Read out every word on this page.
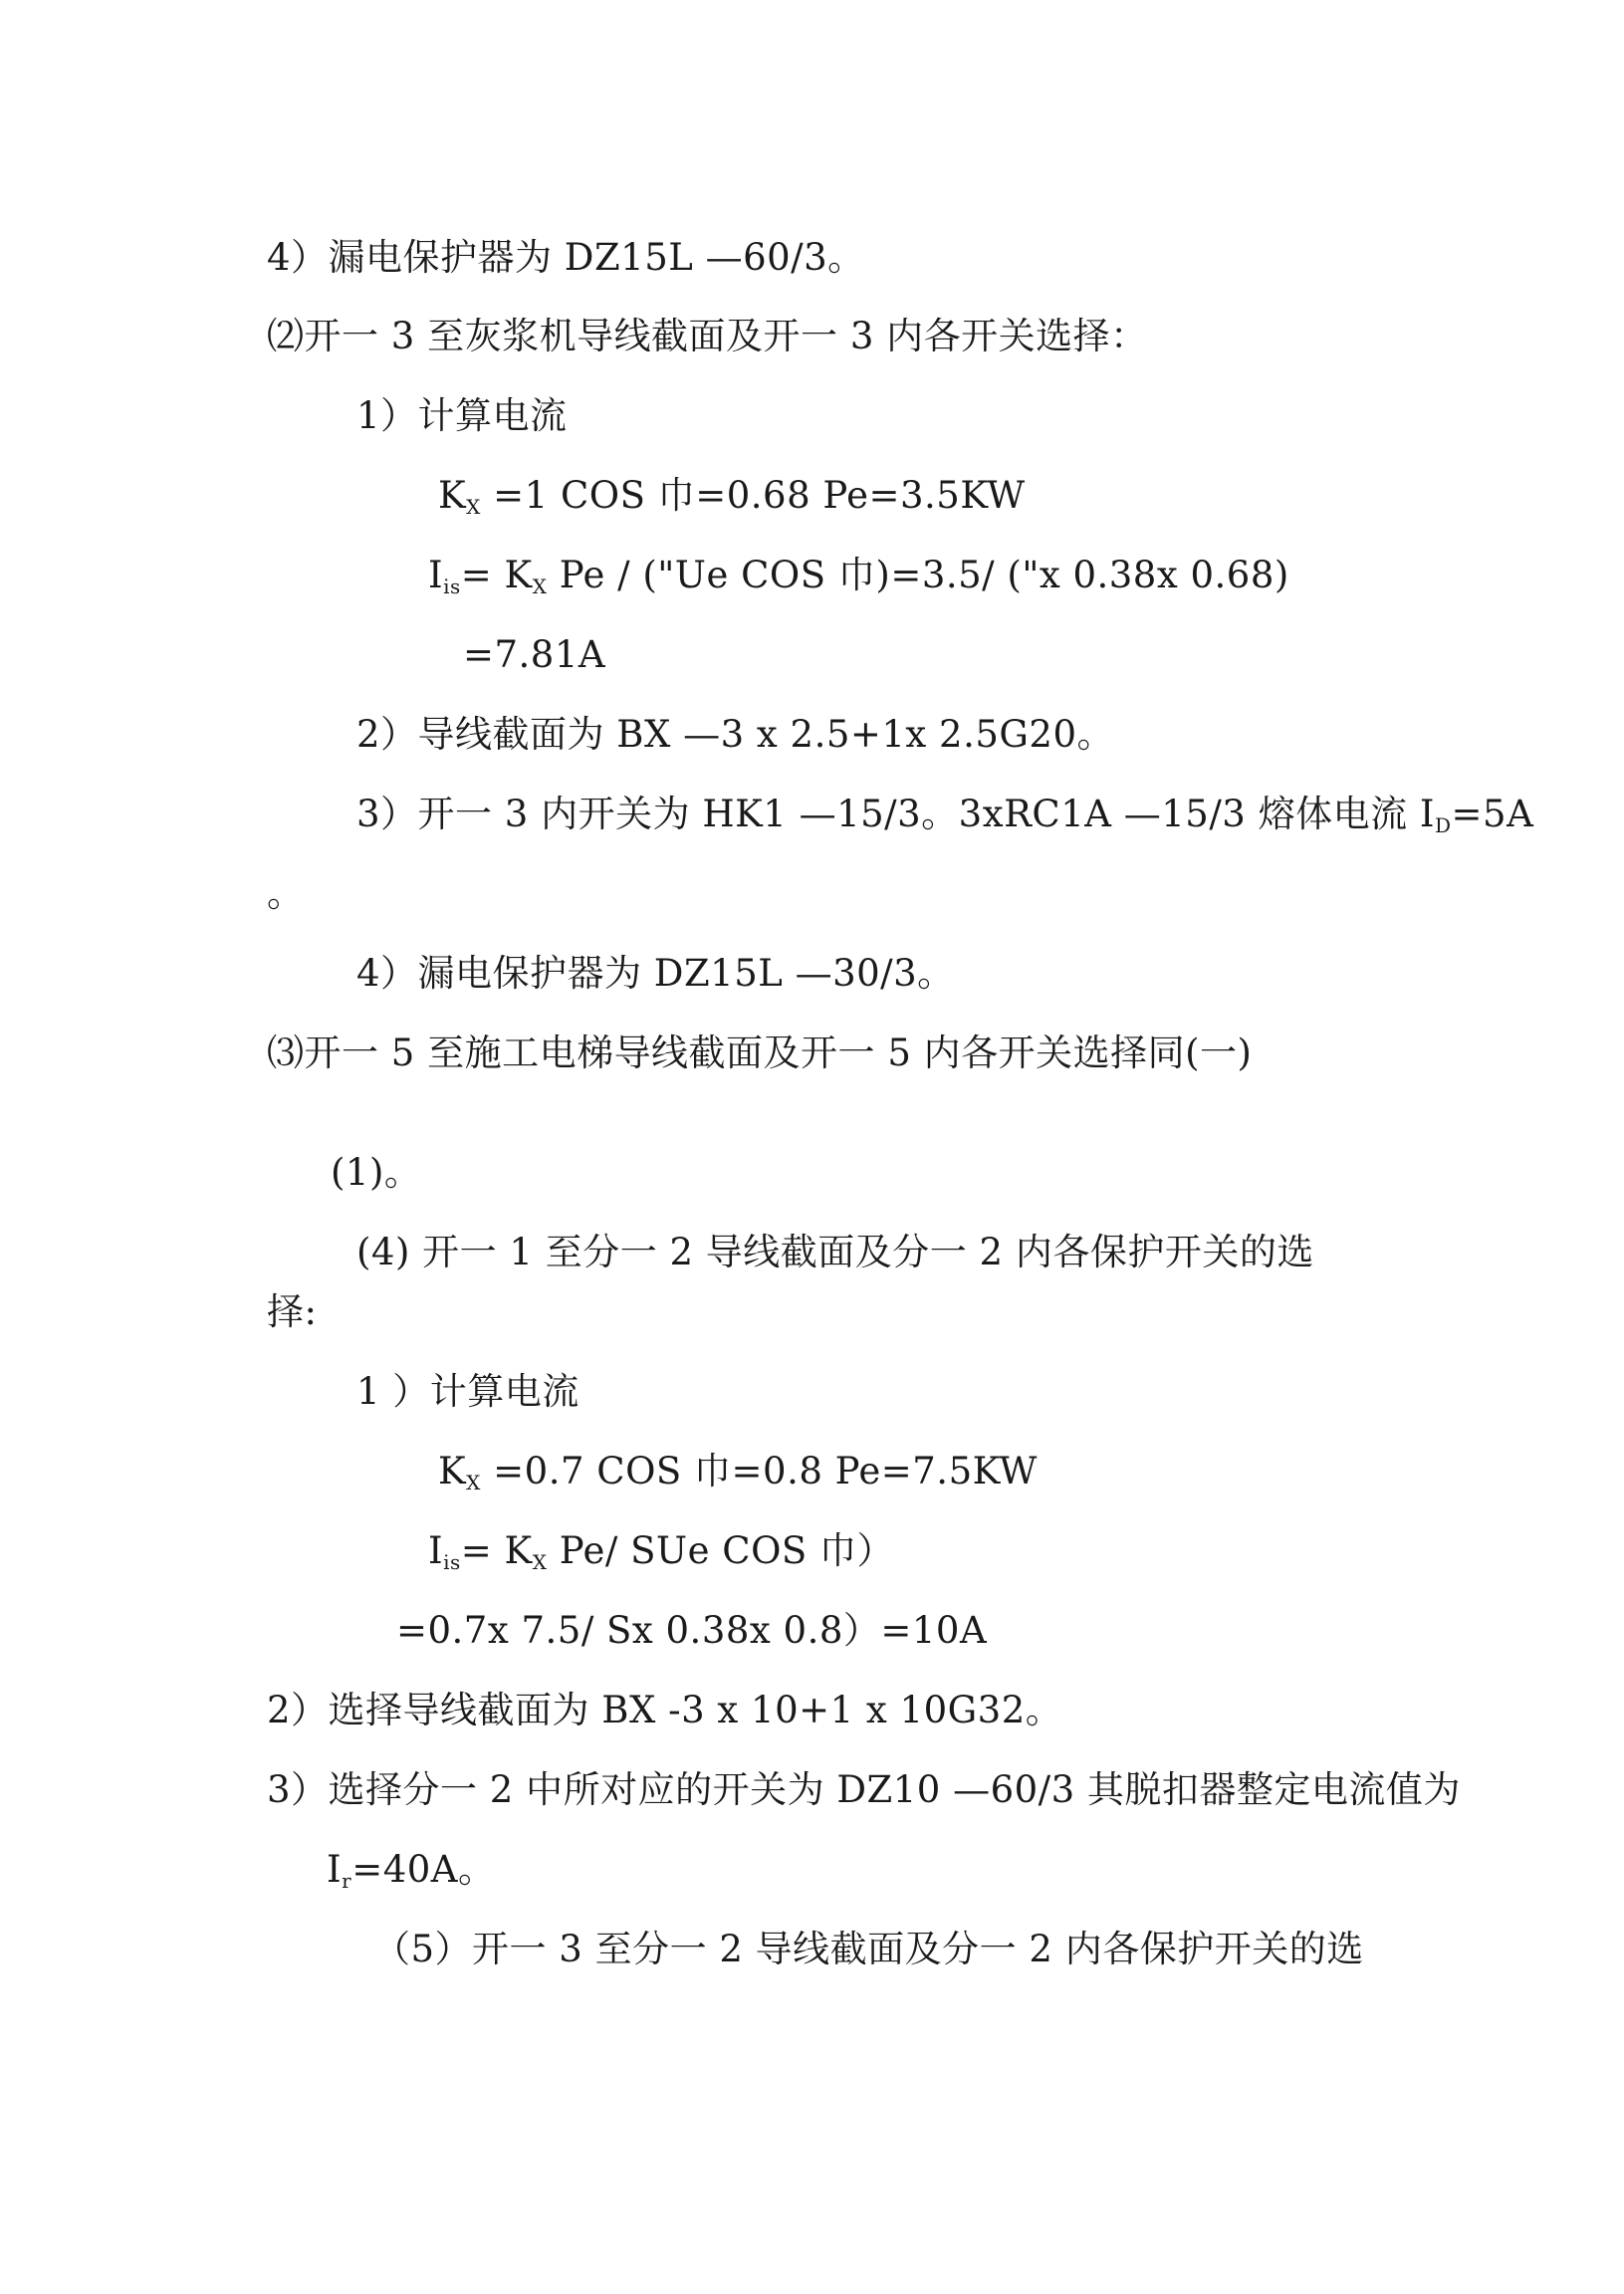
4）漏电保护器为 DZ15L —60/3。
⑵开一 3 至灰浆机导线截面及开一 3 内各开关选择：
1）计算电流
$K_X =1$ COS 巾=0.68 Pe=3.5KW
$I_{is}= K_X$ Pe / ("Ue COS 巾)=3.5/ ("x 0.38x 0.68)
=7.81A
2）导线截面为 BX —3 x 2.5+1x 2.5G20。
3）开一 3 内开关为 HK1 —15/3。3xRC1A —15/3 熔体电流 $I_D=5A$
。
4）漏电保护器为 DZ15L —30/3。
⑶开一 5 至施工电梯导线截面及开一 5 内各开关选择同(一)
(1)。
(4) 开一 1 至分一 2 导线截面及分一 2 内各保护开关的选
择:
1 ）计算电流
$K_X =0.7$ COS 巾=0.8 Pe=7.5KW
$I_{is}= K_X$ Pe/ SUe COS 巾）
=0.7x 7.5/ Sx 0.38x 0.8）=10A
2）选择导线截面为 BX -3 x 10+1 x 10G32。
3）选择分一 2 中所对应的开关为 DZ10 —60/3 其脱扣器整定电流值为
$I_r=40A$。
（5）开一 3 至分一 2 导线截面及分一 2 内各保护开关的选
